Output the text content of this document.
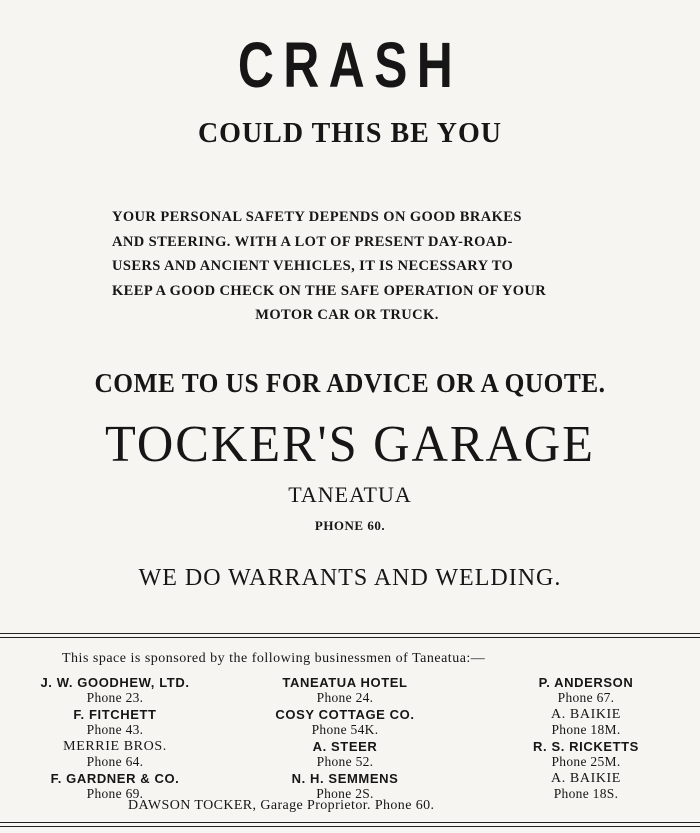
CRASH
COULD THIS BE YOU
YOUR PERSONAL SAFETY DEPENDS ON GOOD BRAKES
AND STEERING. WITH A LOT OF PRESENT DAY-ROAD-
USERS AND ANCIENT VEHICLES, IT IS NECESSARY TO
KEEP A GOOD CHECK ON THE SAFE OPERATION OF YOUR
MOTOR CAR OR TRUCK.
COME TO US FOR ADVICE OR A QUOTE.
TOCKER'S GARAGE
TANEATUA
PHONE 60.
WE DO WARRANTS AND WELDING.
This space is sponsored by the following businessmen of Taneatua:—
J. W. GOODHEW, LTD.
Phone 23.
F. FITCHETT
Phone 43.
MERRIE BROS.
Phone 64.
F. GARDNER & CO.
Phone 69.
TANEATUA HOTEL
Phone 24.
COSY COTTAGE CO.
Phone 54K.
A. STEER
Phone 52.
N. H. SEMMENS
Phone 2S.
P. ANDERSON
Phone 67.
A. BAIKIE
Phone 18M.
R. S. RICKETTS
Phone 25M.
A. BAIKIE
Phone 18S.
DAWSON TOCKER, Garage Proprietor. Phone 60.
